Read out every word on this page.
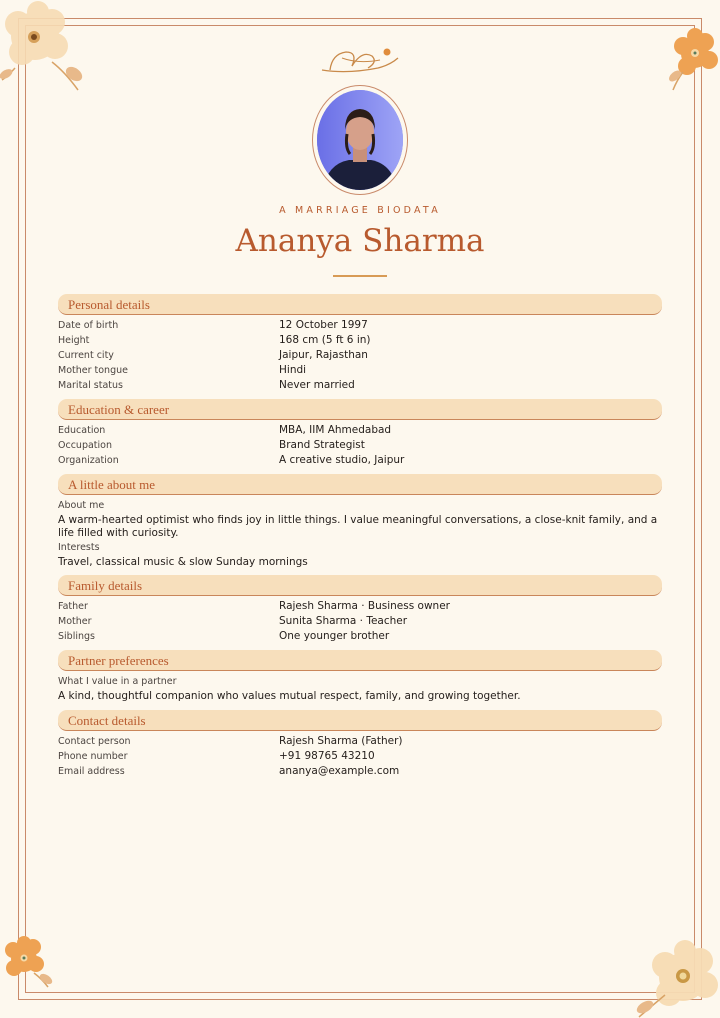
A MARRIAGE BIODATA
Ananya Sharma
Personal details
Date of birth	12 October 1997
Height	168 cm (5 ft 6 in)
Current city	Jaipur, Rajasthan
Mother tongue	Hindi
Marital status	Never married
Education & career
Education	MBA, IIM Ahmedabad
Occupation	Brand Strategist
Organization	A creative studio, Jaipur
A little about me
About me
A warm-hearted optimist who finds joy in little things. I value meaningful conversations, a close-knit family, and a life filled with curiosity.
Interests
Travel, classical music & slow Sunday mornings
Family details
Father	Rajesh Sharma · Business owner
Mother	Sunita Sharma · Teacher
Siblings	One younger brother
Partner preferences
What I value in a partner
A kind, thoughtful companion who values mutual respect, family, and growing together.
Contact details
Contact person	Rajesh Sharma (Father)
Phone number	+91 98765 43210
Email address	ananya@example.com
